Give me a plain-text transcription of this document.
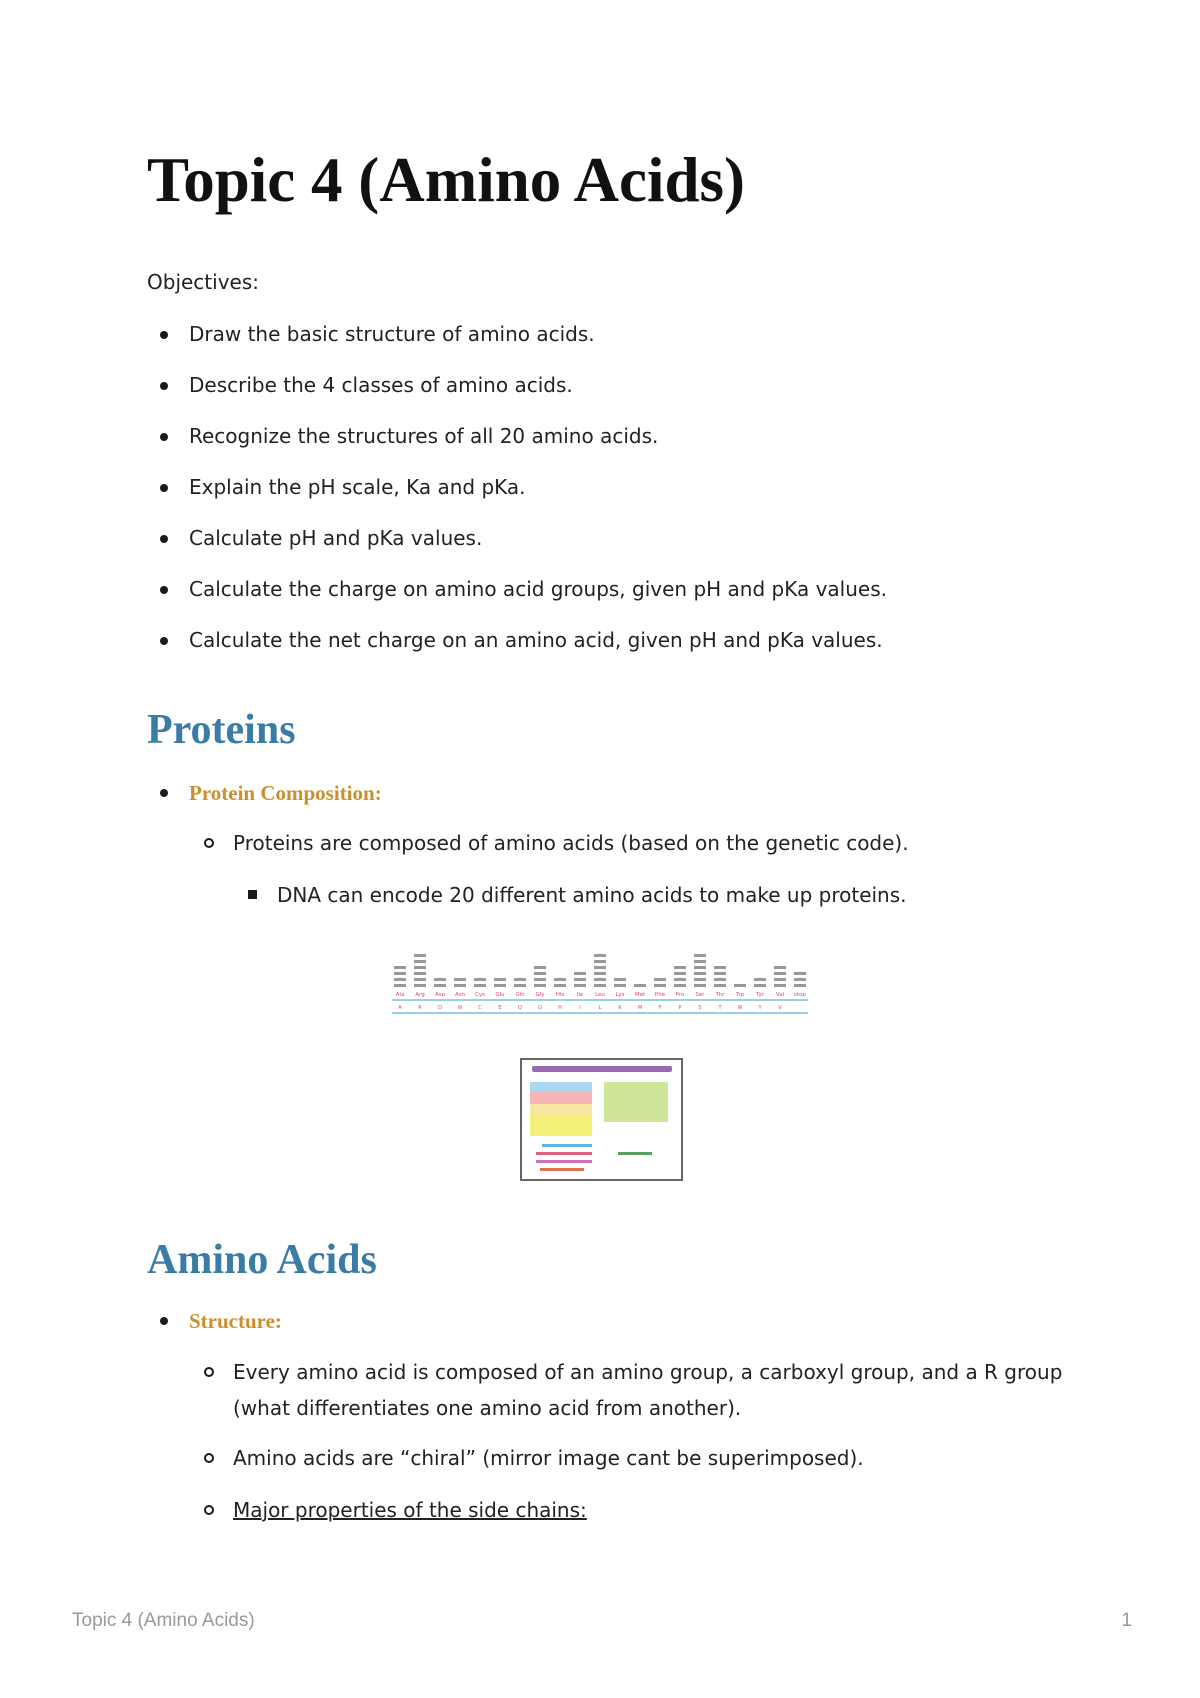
Topic 4 (Amino Acids)

Objectives:

Draw the basic structure of amino acids.
Describe the 4 classes of amino acids.
Recognize the structures of all 20 amino acids.
Explain the pH scale, Ka and pKa.
Calculate pH and pKa values.
Calculate the charge on amino acid groups, given pH and pKa values.
Calculate the net charge on an amino acid, given pH and pKa values.
Proteins
Protein Composition:
Proteins are composed of amino acids (based on the genetic code).
DNA can encode 20 different amino acids to make up proteins.
Ala
A
Arg
R
Asp
D
Asn
N
Cys
C
Glu
E
Gln
Q
Gly
G
His
H
Ile
I
Leu
L
Lys
K
Met
M
Phe
F
Pro
P
Ser
S
Thr
T
Trp
W
Tyr
Y
Val
V
stop
Amino Acids
Structure:
Every amino acid is composed of an amino group, a carboxyl group, and a R group
(what differentiates one amino acid from another).
Amino acids are “chiral” (mirror image cant be superimposed).
Major properties of the side chains:
Topic 4 (Amino Acids)	1
